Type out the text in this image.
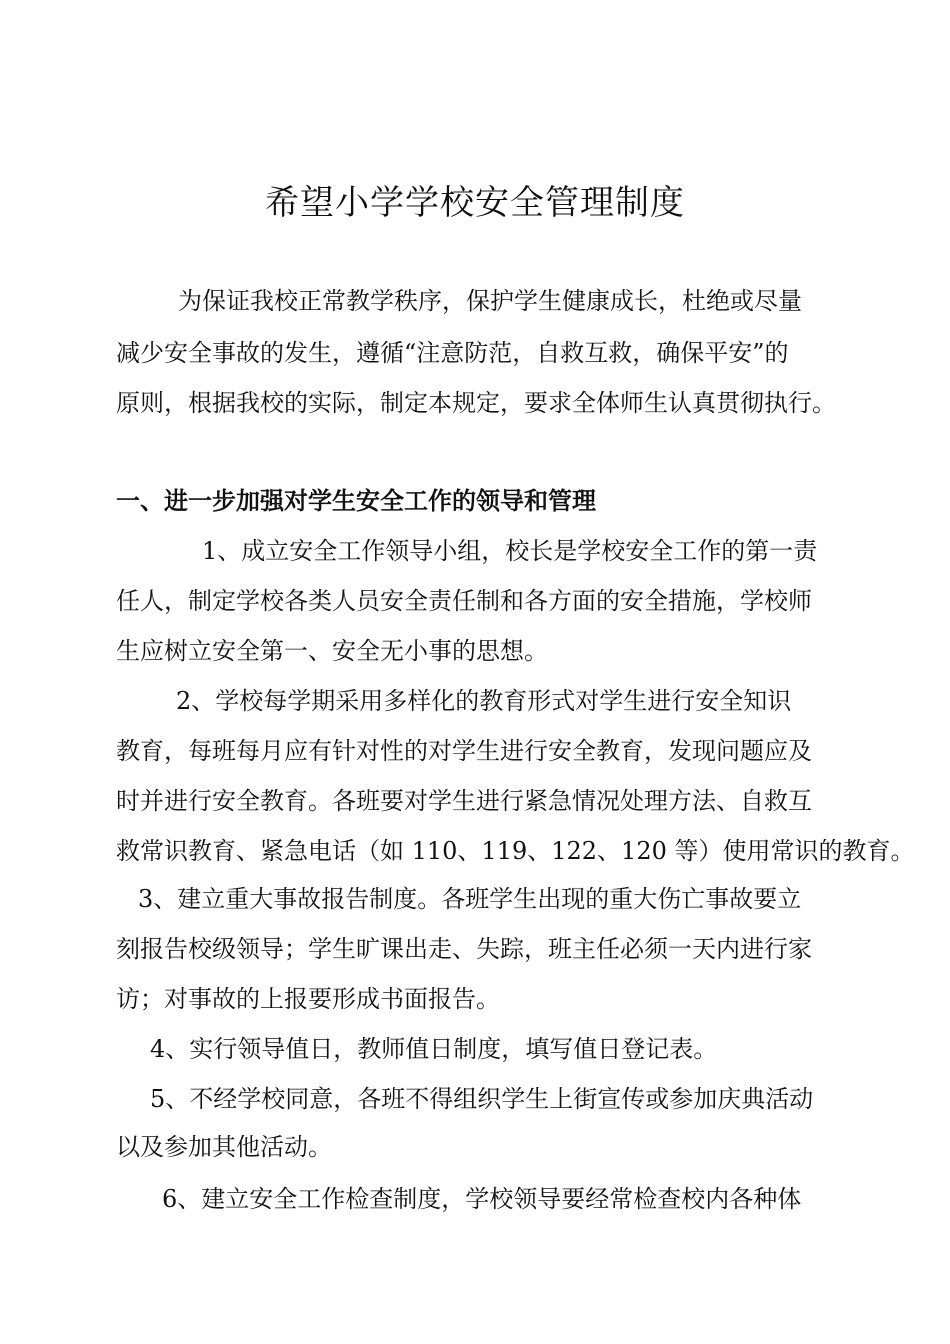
希望小学学校安全管理制度

为保证我校正常教学秩序，保护学生健康成长，杜绝或尽量

减少安全事故的发生，遵循“注意防范，自救互救，确保平安”的

原则，根据我校的实际，制定本规定，要求全体师生认真贯彻执行。

一、进一步加强对学生安全工作的领导和管理

1、成立安全工作领导小组，校长是学校安全工作的第一责

任人，制定学校各类人员安全责任制和各方面的安全措施，学校师

生应树立安全第一、安全无小事的思想。

2、学校每学期采用多样化的教育形式对学生进行安全知识

教育，每班每月应有针对性的对学生进行安全教育，发现问题应及

时并进行安全教育。各班要对学生进行紧急情况处理方法、自救互

救常识教育、紧急电话（如 110、119、122、120 等）使用常识的教育。

3、建立重大事故报告制度。各班学生出现的重大伤亡事故要立

刻报告校级领导；学生旷课出走、失踪，班主任必须一天内进行家

访；对事故的上报要形成书面报告。

4、实行领导值日，教师值日制度，填写值日登记表。

5、不经学校同意，各班不得组织学生上街宣传或参加庆典活动

以及参加其他活动。

6、建立安全工作检查制度，学校领导要经常检查校内各种体
